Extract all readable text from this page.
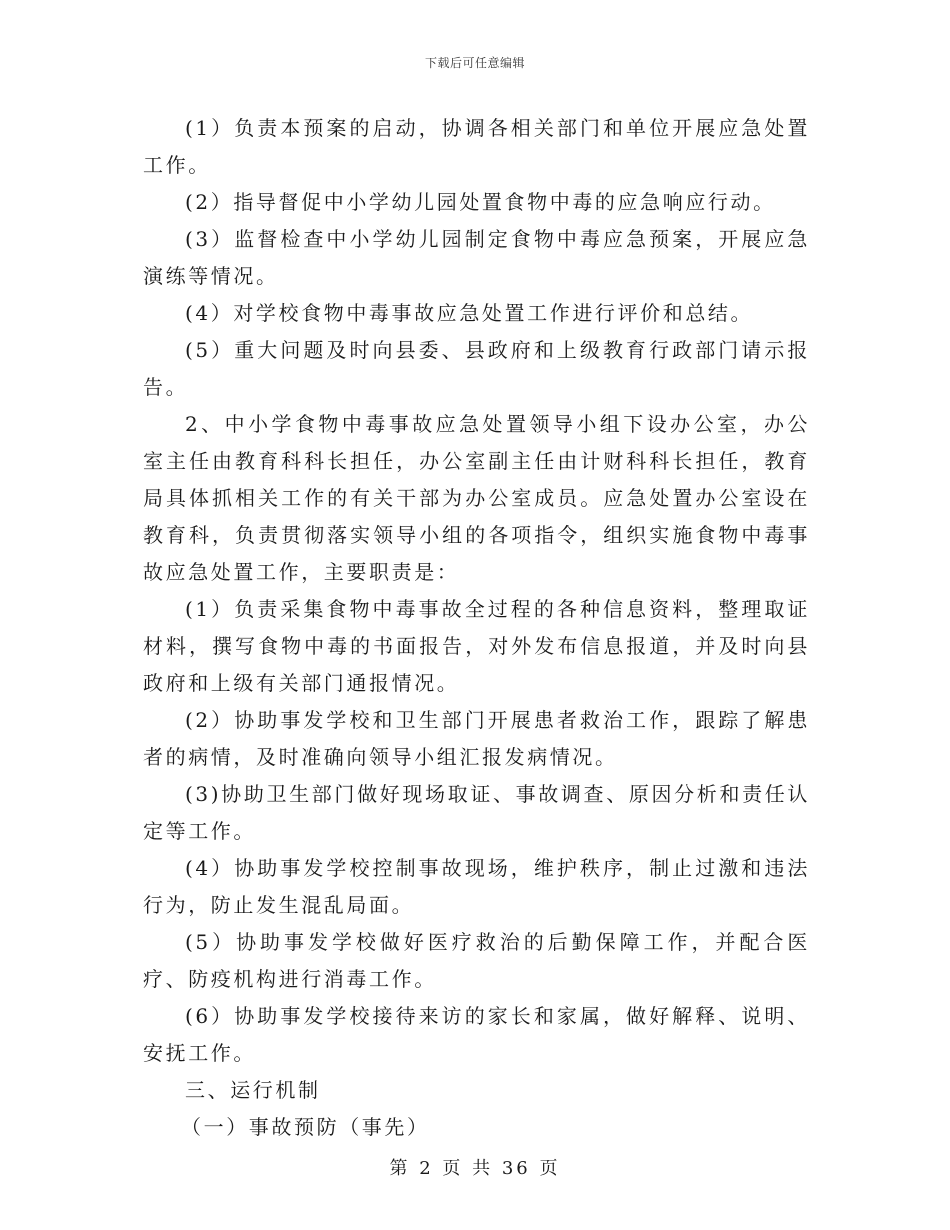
下载后可任意编辑

(1）负责本预案的启动，协调各相关部门和单位开展应急处置工作。

(2）指导督促中小学幼儿园处置食物中毒的应急响应行动。

(3）监督检查中小学幼儿园制定食物中毒应急预案，开展应急演练等情况。

(4）对学校食物中毒事故应急处置工作进行评价和总结。

(5）重大问题及时向县委、县政府和上级教育行政部门请示报告。

2、中小学食物中毒事故应急处置领导小组下设办公室，办公室主任由教育科科长担任，办公室副主任由计财科科长担任，教育局具体抓相关工作的有关干部为办公室成员。应急处置办公室设在教育科，负责贯彻落实领导小组的各项指令，组织实施食物中毒事故应急处置工作，主要职责是：

(1）负责采集食物中毒事故全过程的各种信息资料，整理取证材料，撰写食物中毒的书面报告，对外发布信息报道，并及时向县政府和上级有关部门通报情况。

(2）协助事发学校和卫生部门开展患者救治工作，跟踪了解患者的病情，及时准确向领导小组汇报发病情况。

(3)协助卫生部门做好现场取证、事故调查、原因分析和责任认定等工作。

(4）协助事发学校控制事故现场，维护秩序，制止过激和违法行为，防止发生混乱局面。

(5）协助事发学校做好医疗救治的后勤保障工作，并配合医疗、防疫机构进行消毒工作。

(6）协助事发学校接待来访的家长和家属，做好解释、说明、安抚工作。

三、运行机制

（一）事故预防（事先）

第 2 页 共 36 页
